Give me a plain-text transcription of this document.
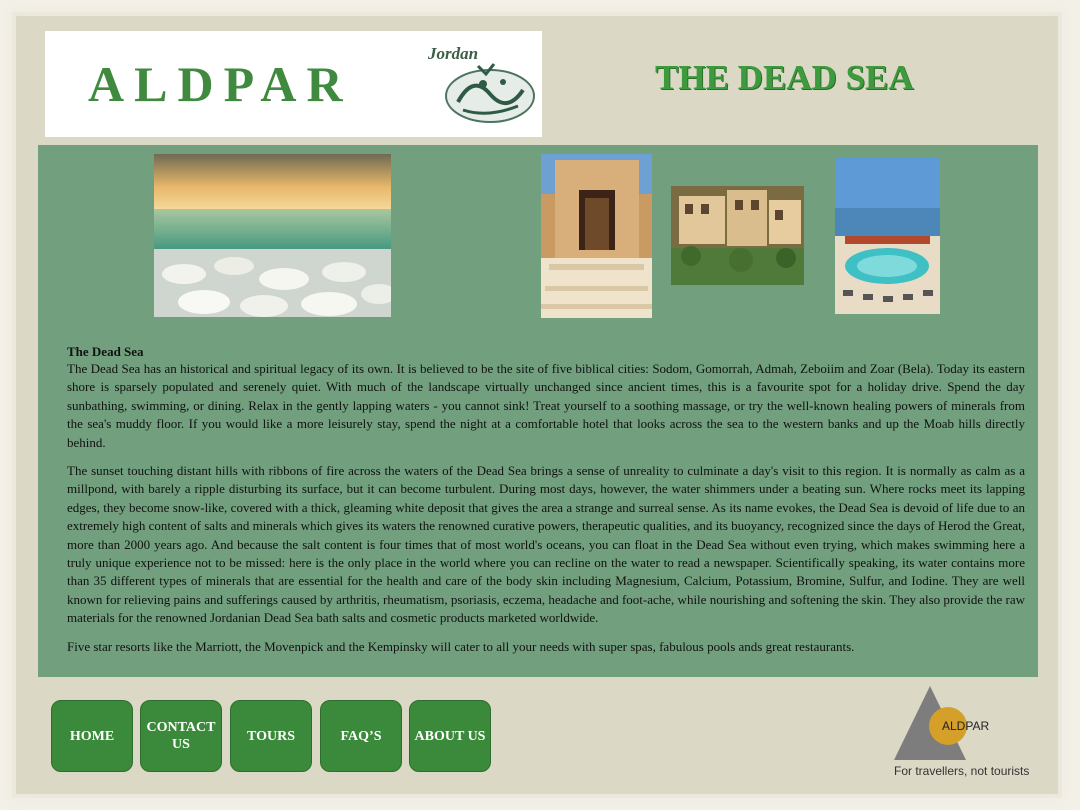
ALDPAR
Jordan
THE DEAD SEA
The Dead Sea

The Dead Sea has an historical and spiritual legacy of its own. It is believed to be the site of five biblical cities: Sodom, Gomorrah, Admah, Zeboiim and Zoar (Bela). Today its eastern shore is sparsely populated and serenely quiet. With much of the landscape virtually unchanged since ancient times, this is a favourite spot for a holiday drive. Spend the day sunbathing, swimming, or dining. Relax in the gently lapping waters - you cannot sink! Treat yourself to a soothing massage, or try the well-known healing powers of minerals from the sea's muddy floor. If you would like a more leisurely stay, spend the night at a comfortable hotel that looks across the sea to the western banks and up the Moab hills directly behind.

The sunset touching distant hills with ribbons of fire across the waters of the Dead Sea brings a sense of unreality to culminate a day's visit to this region. It is normally as calm as a millpond, with barely a ripple disturbing its surface, but it can become turbulent. During most days, however, the water shimmers under a beating sun. Where rocks meet its lapping edges, they become snow-like, covered with a thick, gleaming white deposit that gives the area a strange and surreal sense. As its name evokes, the Dead Sea is devoid of life due to an extremely high content of salts and minerals which gives its waters the renowned curative powers, therapeutic qualities, and its buoyancy, recognized since the days of Herod the Great, more than 2000 years ago. And because the salt content is four times that of most world's oceans, you can float in the Dead Sea without even trying, which makes swimming here a truly unique experience not to be missed: here is the only place in the world where you can recline on the water to read a newspaper. Scientifically speaking, its water contains more than 35 different types of minerals that are essential for the health and care of the body skin including Magnesium, Calcium, Potassium, Bromine, Sulfur, and Iodine. They are well known for relieving pains and sufferings caused by arthritis, rheumatism, psoriasis, eczema, headache and foot-ache, while nourishing and softening the skin. They also provide the raw materials for the renowned Jordanian Dead Sea bath salts and cosmetic products marketed worldwide.

Five star resorts like the Marriott, the Movenpick and the Kempinsky will cater to all your needs with super spas, fabulous pools ands great restaurants.

HOME
CONTACT
US
TOURS	FAQ’S ABOUT US
ALDPAR
For travellers, not tourists
